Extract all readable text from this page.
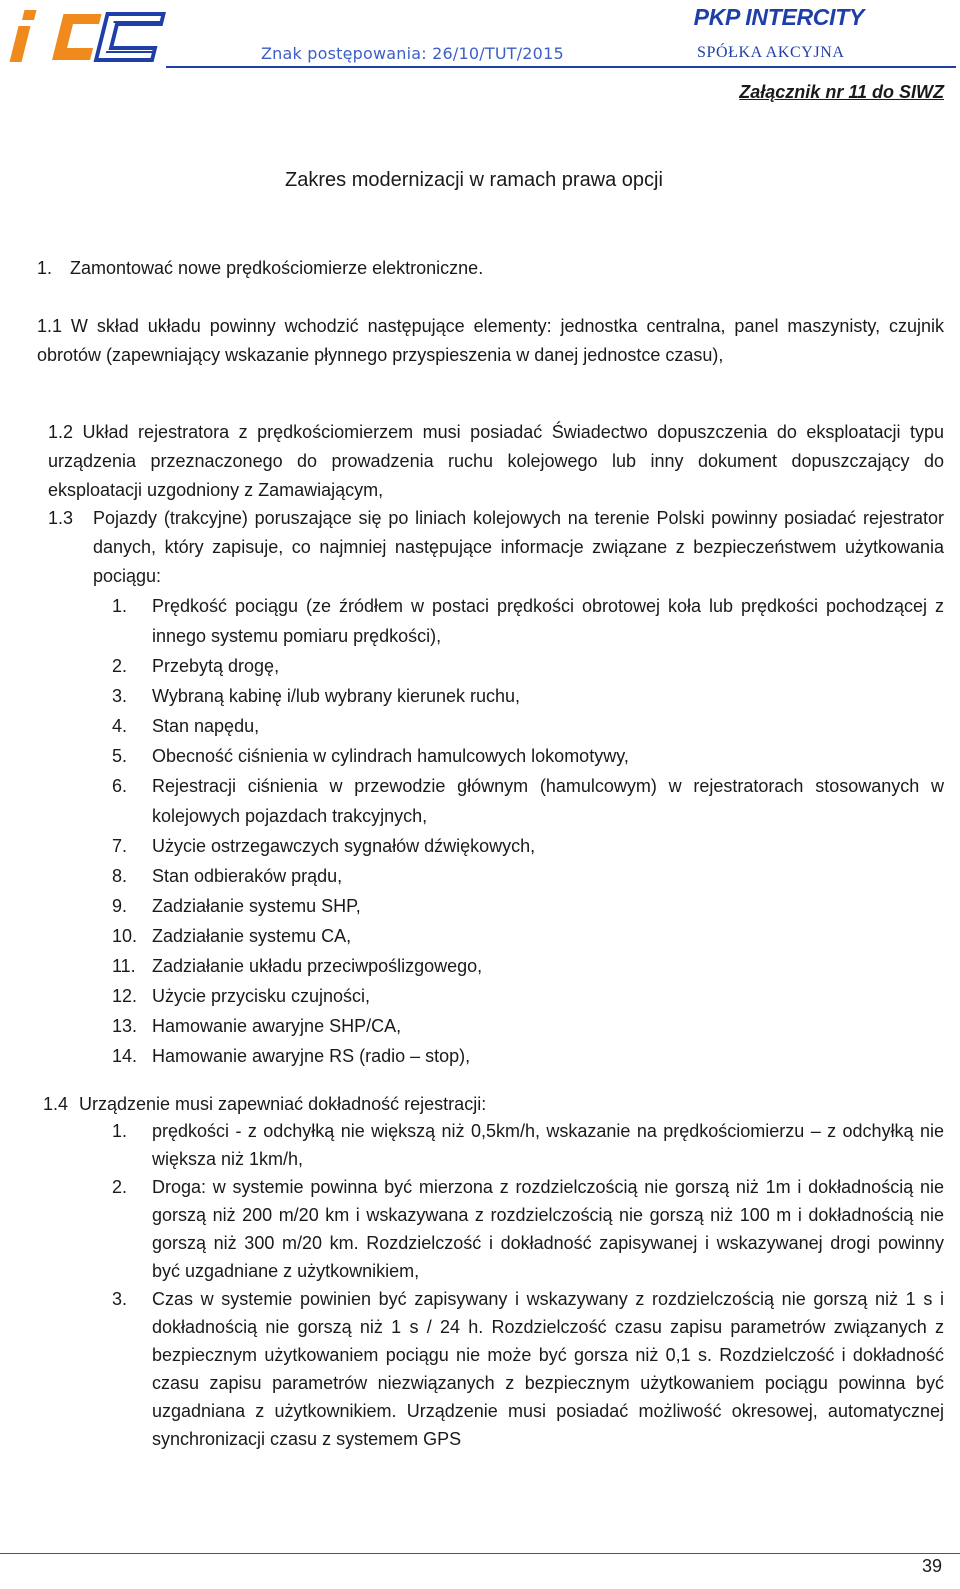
PKP INTERCITY
Znak postępowania: 26/10/TUT/2015	SPÓŁKA AKCYJNA
Załącznik nr 11 do SIWZ
Zakres modernizacji w ramach prawa opcji
1. Zamontować nowe prędkościomierze elektroniczne.
1.1 W skład układu powinny wchodzić następujące elementy: jednostka centralna, panel maszynisty, czujnik obrotów (zapewniający wskazanie płynnego przyspieszenia w danej jednostce czasu),
1.2 Układ rejestratora z prędkościomierzem musi posiadać Świadectwo dopuszczenia do eksploatacji typu urządzenia przeznaczonego do prowadzenia ruchu kolejowego lub inny dokument dopuszczający do eksploatacji uzgodniony z Zamawiającym,
1.3 Pojazdy (trakcyjne) poruszające się po liniach kolejowych na terenie Polski powinny posiadać rejestrator danych, który zapisuje, co najmniej następujące informacje związane z bezpieczeństwem użytkowania pociągu:
1.	Prędkość pociągu (ze źródłem w postaci prędkości obrotowej koła lub prędkości pochodzącej z innego systemu pomiaru prędkości),
2.	Przebytą drogę,
3.	Wybraną kabinę i/lub wybrany kierunek ruchu,
4.	Stan napędu,
5.	Obecność ciśnienia w cylindrach hamulcowych lokomotywy,
6.	Rejestracji ciśnienia w przewodzie głównym (hamulcowym) w rejestratorach stosowanych w kolejowych pojazdach trakcyjnych,
7.	Użycie ostrzegawczych sygnałów dźwiękowych,
8.	Stan odbieraków prądu,
9.	Zadziałanie systemu SHP,
10. Zadziałanie systemu CA,
11. Zadziałanie układu przeciwpoślizgowego,
12. Użycie przycisku czujności,
13. Hamowanie awaryjne SHP/CA,
14. Hamowanie awaryjne RS (radio – stop),
1.4 Urządzenie musi zapewniać dokładność rejestracji:
1.	prędkości - z odchyłką nie większą niż 0,5km/h, wskazanie na prędkościomierzu – z odchyłką nie większa niż 1km/h,
2.	Droga: w systemie powinna być mierzona z rozdzielczością nie gorszą niż 1m i dokładnością nie gorszą niż 200 m/20 km i wskazywana z rozdzielczością nie gorszą niż 100 m i dokładnością nie gorszą niż 300 m/20 km. Rozdzielczość i dokładność zapisywanej i wskazywanej drogi powinny być uzgadniane z użytkownikiem,
3.	Czas w systemie powinien być zapisywany i wskazywany z rozdzielczością nie gorszą niż 1 s i dokładnością nie gorszą niż 1 s / 24 h. Rozdzielczość czasu zapisu parametrów związanych z bezpiecznym użytkowaniem pociągu nie może być gorsza niż 0,1 s. Rozdzielczość i dokładność czasu zapisu parametrów niezwiązanych z bezpiecznym użytkowaniem pociągu powinna być uzgadniana z użytkownikiem. Urządzenie musi posiadać możliwość okresowej, automatycznej synchronizacji czasu z systemem GPS
39
